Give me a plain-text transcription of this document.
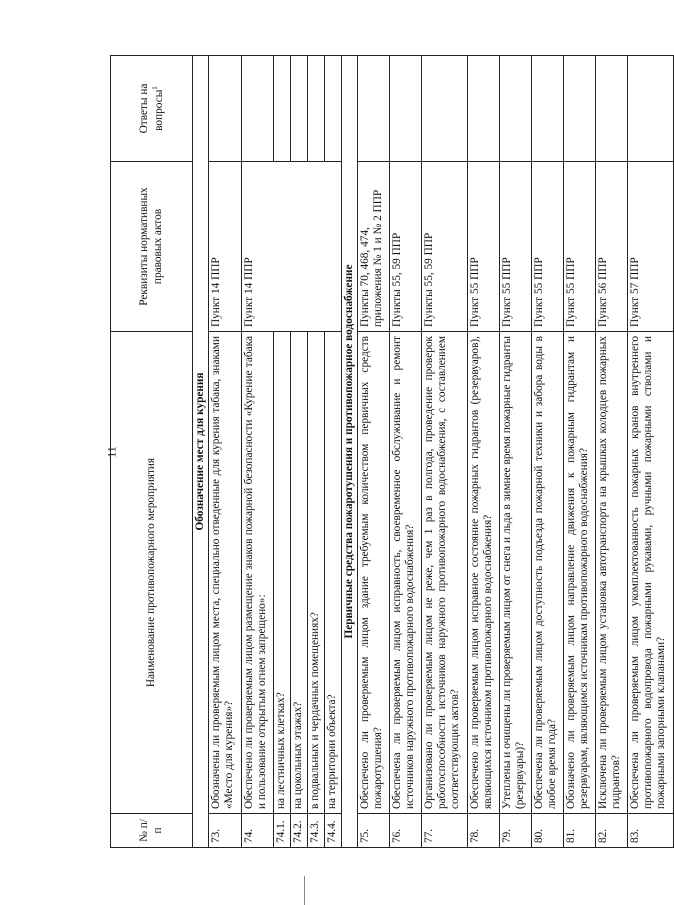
11
№ п/п	Наименование противопожарного мероприятия	Реквизиты нормативных правовых актов	Ответы на вопросы$^1$
Обозначение мест для курения			
73.	Обозначены ли проверяемым лицом места, специально отведенные для курения табака, знаками «Место для курения»?	Пункт 14 ППР	
74.	Обеспечено ли проверяемым лицом размещение знаков пожарной безопасности «Курение табака и пользование открытым огнем запрещено»:	Пункт 14 ППР	
74.1.	на лестничных клетках?		
74.2.	на цокольных этажах?		
74.3.	в подвальных и чердачных помещениях?		
74.4.	на территории объекта?		
Первичные средства пожаротушения и противопожарное водоснабжение			
75.	Обеспечено ли проверяемым лицом здание требуемым количеством первичных средств пожаротушения?	Пункты 70, 468, 474, приложения № 1 и № 2 ППР	
76.	Обеспечена ли проверяемым лицом исправность, своевременное обслуживание и ремонт источников наружного противопожарного водоснабжения?	Пункты 55, 59 ППР	
77.	Организовано ли проверяемым лицом не реже, чем 1 раз в полгода, проведение проверок работоспособности источников наружного противопожарного водоснабжения, с составлением соответствующих актов?	Пункты 55, 59 ППР	
78.	Обеспечено ли проверяемым лицом исправное состояние пожарных гидрантов (резервуаров), являющихся источником противопожарного водоснабжения?	Пункт 55 ППР	
79.	Утеплены и очищены ли проверяемым лицом от снега и льда в зимнее время пожарные гидранты (резервуары)?	Пункт 55 ППР	
80.	Обеспечена ли проверяемым лицом доступность подъезда пожарной техники и забора воды в любое время года?	Пункт 55 ППР	
81.	Обозначено ли проверяемым лицом направление движения к пожарным гидрантам и резервуарам, являющимся источникам противопожарного водоснабжения?	Пункт 55 ППР	
82.	Исключена ли проверяемым лицом установка автотранспорта на крышках колодцев пожарных гидрантов?	Пункт 56 ППР	
83.	Обеспечена ли проверяемым лицом укомплектованность пожарных кранов внутреннего противопожарного водопровода пожарными рукавами, ручными пожарными стволами и пожарными запорными клапанами?	Пункт 57 ППР	
